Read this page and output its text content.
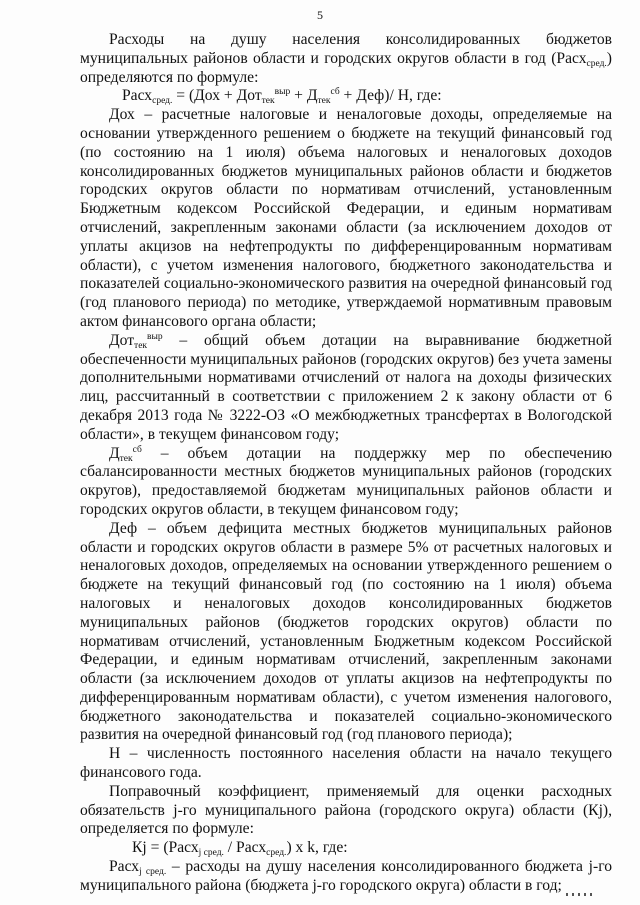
5

Расходы на душу населения консолидированных бюджетов муниципальных районов области и городских округов области в год (Расх$_{сред.}$) определяются по формуле:

Расх$_{сред.}$ = $(Дох + Дот_{тек}^{выр} + Д_{тек}^{сб} + Деф)/$ Н, где:

Дох – расчетные налоговые и неналоговые доходы, определяемые на основании утвержденного решением о бюджете на текущий финансовый год (по состоянию на 1 июля) объема налоговых и неналоговых доходов консолидированных бюджетов муниципальных районов области и бюджетов городских округов области по нормативам отчислений, установленным Бюджетным кодексом Российской Федерации, и единым нормативам отчислений, закрепленным законами области (за исключением доходов от уплаты акцизов на нефтепродукты по дифференцированным нормативам области), с учетом изменения налогового, бюджетного законодательства и показателей социально-экономического развития на очередной финансовый год (год планового периода) по методике, утверждаемой нормативным правовым актом финансового органа области;

Дот$_{тек}^{выр}$ – общий объем дотации на выравнивание бюджетной обеспеченности муниципальных районов (городских округов) без учета замены дополнительными нормативами отчислений от налога на доходы физических лиц, рассчитанный в соответствии с приложением 2 к закону области от 6 декабря 2013 года № 3222-ОЗ «О межбюджетных трансфертах в Вологодской области», в текущем финансовом году;

$Д_{тек}^{сб}$ – объем дотации на поддержку мер по обеспечению сбалансированности местных бюджетов муниципальных районов (городских округов), предоставляемой бюджетам муниципальных районов области и городских округов области, в текущем финансовом году;

Деф – объем дефицита местных бюджетов муниципальных районов области и городских округов области в размере 5% от расчетных налоговых и неналоговых доходов, определяемых на основании утвержденного решением о бюджете на текущий финансовый год (по состоянию на 1 июля) объема налоговых и неналоговых доходов консолидированных бюджетов муниципальных районов (бюджетов городских округов) области по нормативам отчислений, установленным Бюджетным кодексом Российской Федерации, и единым нормативам отчислений, закрепленным законами области (за исключением доходов от уплаты акцизов на нефтепродукты по дифференцированным нормативам области), с учетом изменения налогового, бюджетного законодательства и показателей социально-экономического развития на очередной финансовый год (год планового периода);

Н – численность постоянного населения области на начало текущего финансового года.

Поправочный коэффициент, применяемый для оценки расходных обязательств j-го муниципального района (городского округа) области (Кj), определяется по формуле:

Кj = (Расх$_{j сред.}$ / Расх$_{сред.}$) x k, где:

Расх$_{j сред.}$ – расходы на душу населения консолидированного бюджета j-го муниципального района (бюджета j-го городского округа) области в год;
